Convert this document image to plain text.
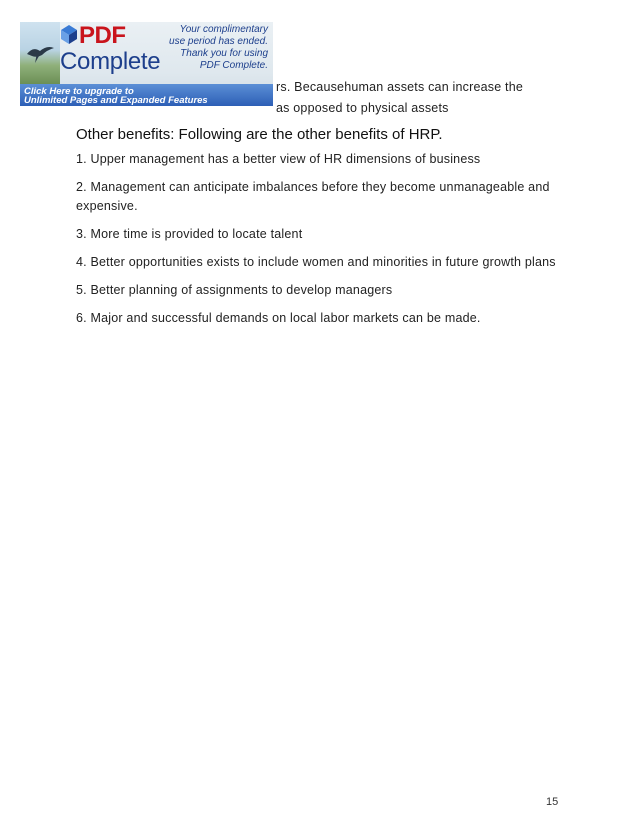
rs. Becausehuman assets can increase the
as opposed to physical assets
Other benefits: Following are the other benefits of HRP.

1. Upper management has a better view of HR dimensions of business

2. Management can anticipate imbalances before they become unmanageable and expensive.

3. More time is provided to locate talent

4. Better opportunities exists to include women and minorities in future growth plans

5. Better planning of assignments to develop managers

6. Major and successful demands on local labor markets can be made.

15
PDF
Complete
Your complimentary
use period has ended.
Thank you for using
PDF Complete.
Click Here to upgrade to
Unlimited Pages and Expanded Features
